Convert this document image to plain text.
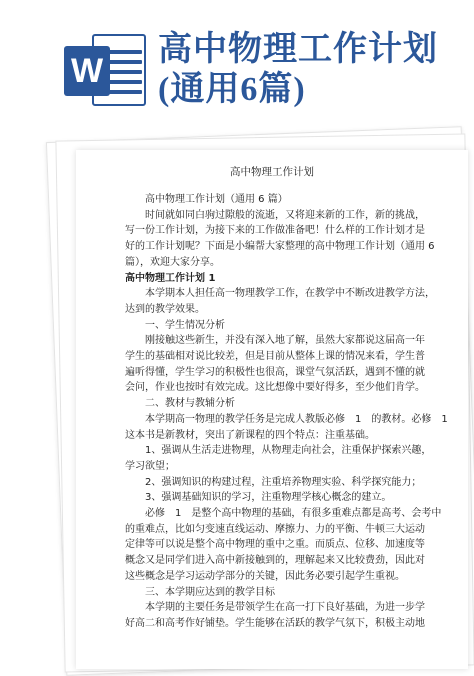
W
高中物理工作计划
(通用6篇)
高中物理工作计划
高中物理工作计划（通用 6 篇）
时间就如同白驹过隙般的流逝，又将迎来新的工作，新的挑战，
写一份工作计划，为接下来的工作做准备吧！什么样的工作计划才是
好的工作计划呢？下面是小编帮大家整理的高中物理工作计划（通用 6
篇），欢迎大家分享。
高中物理工作计划 1
本学期本人担任高一物理教学工作，在教学中不断改进教学方法，
达到的教学效果。
一、学生情况分析
刚接触这些新生，并没有深入地了解，虽然大家都说这届高一年
学生的基础相对说比较差，但是目前从整体上课的情况来看，学生普
遍听得懂，学生学习的积极性也很高，课堂气氛活跃，遇到不懂的就
会问，作业也按时有效完成。这比想像中要好得多，至少他们肯学。
二、教材与教辅分析
本学期高一物理的教学任务是完成人教版必修　1　的教材。必修　1
这本书是新教材，突出了新课程的四个特点：注重基础。
1、强调从生活走进物理，从物理走向社会，注重保护探索兴趣，
学习欲望；
2、强调知识的构建过程，注重培养物理实验、科学探究能力；
3、强调基础知识的学习，注重物理学核心概念的建立。
必修　1　是整个高中物理的基础，有很多重难点都是高考、会考中
的重难点，比如匀变速直线运动、摩擦力、力的平衡、牛顿三大运动
定律等可以说是整个高中物理的重中之重。而质点、位移、加速度等
概念又是同学们进入高中新接触到的，理解起来又比较费劲，因此对
这些概念是学习运动学部分的关键，因此务必要引起学生重视。
三、本学期应达到的教学目标
本学期的主要任务是带领学生在高一打下良好基础，为进一步学
好高二和高考作好铺垫。学生能够在活跃的教学气氛下，积极主动地
